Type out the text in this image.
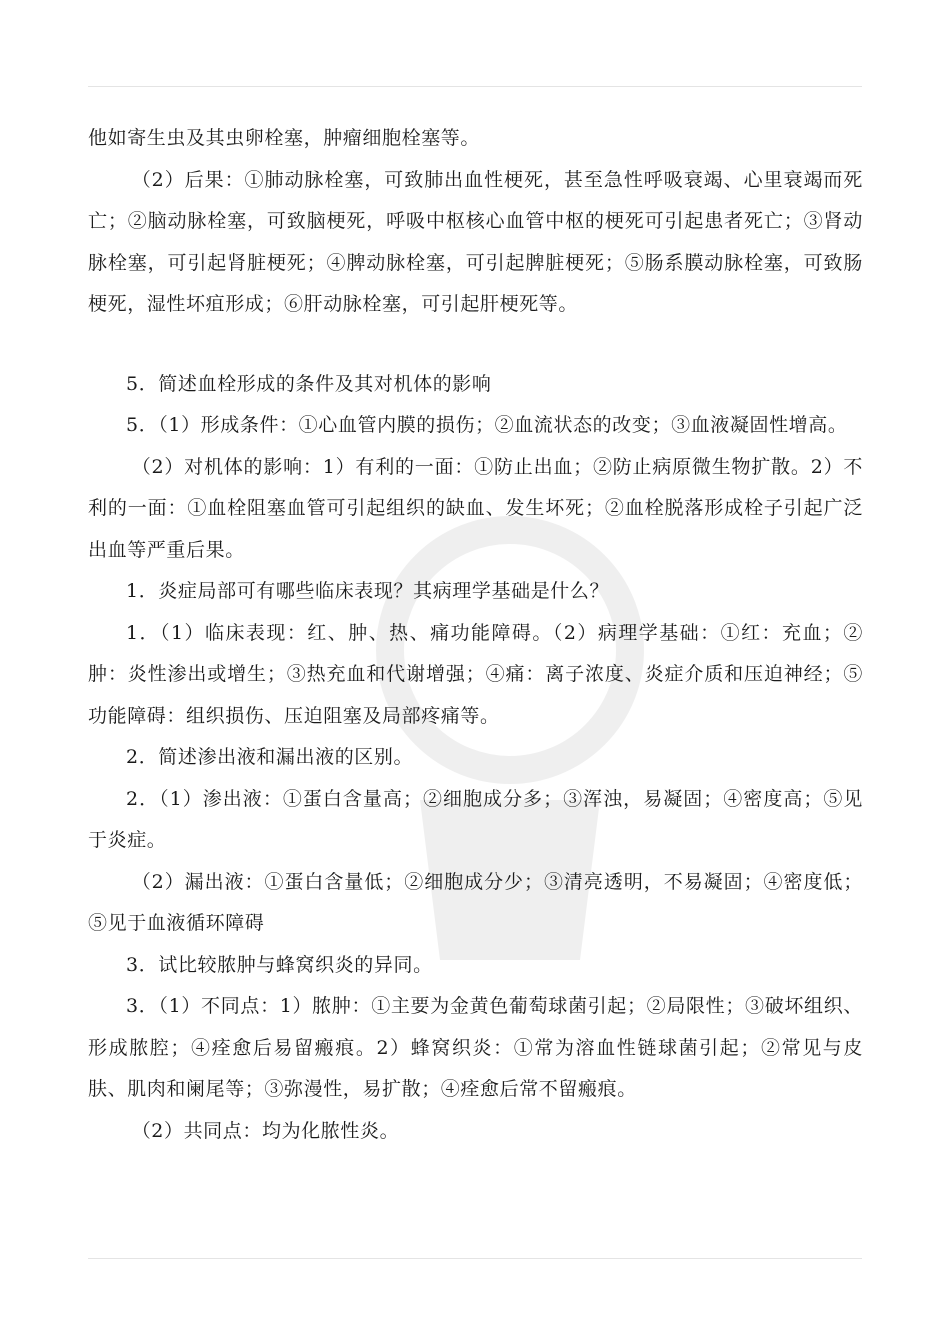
他如寄生虫及其虫卵栓塞，肿瘤细胞栓塞等。

（2）后果：①肺动脉栓塞，可致肺出血性梗死，甚至急性呼吸衰竭、心里衰竭而死亡；②脑动脉栓塞，可致脑梗死，呼吸中枢核心血管中枢的梗死可引起患者死亡；③肾动脉栓塞，可引起肾脏梗死；④脾动脉栓塞，可引起脾脏梗死；⑤肠系膜动脉栓塞，可致肠梗死，湿性坏疽形成；⑥肝动脉栓塞，可引起肝梗死等。

5．简述血栓形成的条件及其对机体的影响

5．（1）形成条件：①心血管内膜的损伤；②血流状态的改变；③血液凝固性增高。

（2）对机体的影响：1）有利的一面：①防止出血；②防止病原微生物扩散。2）不利的一面：①血栓阻塞血管可引起组织的缺血、发生坏死；②血栓脱落形成栓子引起广泛出血等严重后果。

1．炎症局部可有哪些临床表现？其病理学基础是什么？

1．（1）临床表现：红、肿、热、痛功能障碍。（2）病理学基础：①红：充血；②肿：炎性渗出或增生；③热充血和代谢增强；④痛：离子浓度、炎症介质和压迫神经；⑤功能障碍：组织损伤、压迫阻塞及局部疼痛等。

2．简述渗出液和漏出液的区别。

2．（1）渗出液：①蛋白含量高；②细胞成分多；③浑浊，易凝固；④密度高；⑤见于炎症。

（2）漏出液：①蛋白含量低；②细胞成分少；③清亮透明，不易凝固；④密度低；⑤见于血液循环障碍

3．试比较脓肿与蜂窝织炎的异同。

3．（1）不同点：1）脓肿：①主要为金黄色葡萄球菌引起；②局限性；③破坏组织、形成脓腔；④痊愈后易留瘢痕。2）蜂窝织炎：①常为溶血性链球菌引起；②常见与皮肤、肌肉和阑尾等；③弥漫性，易扩散；④痊愈后常不留瘢痕。

（2）共同点：均为化脓性炎。
